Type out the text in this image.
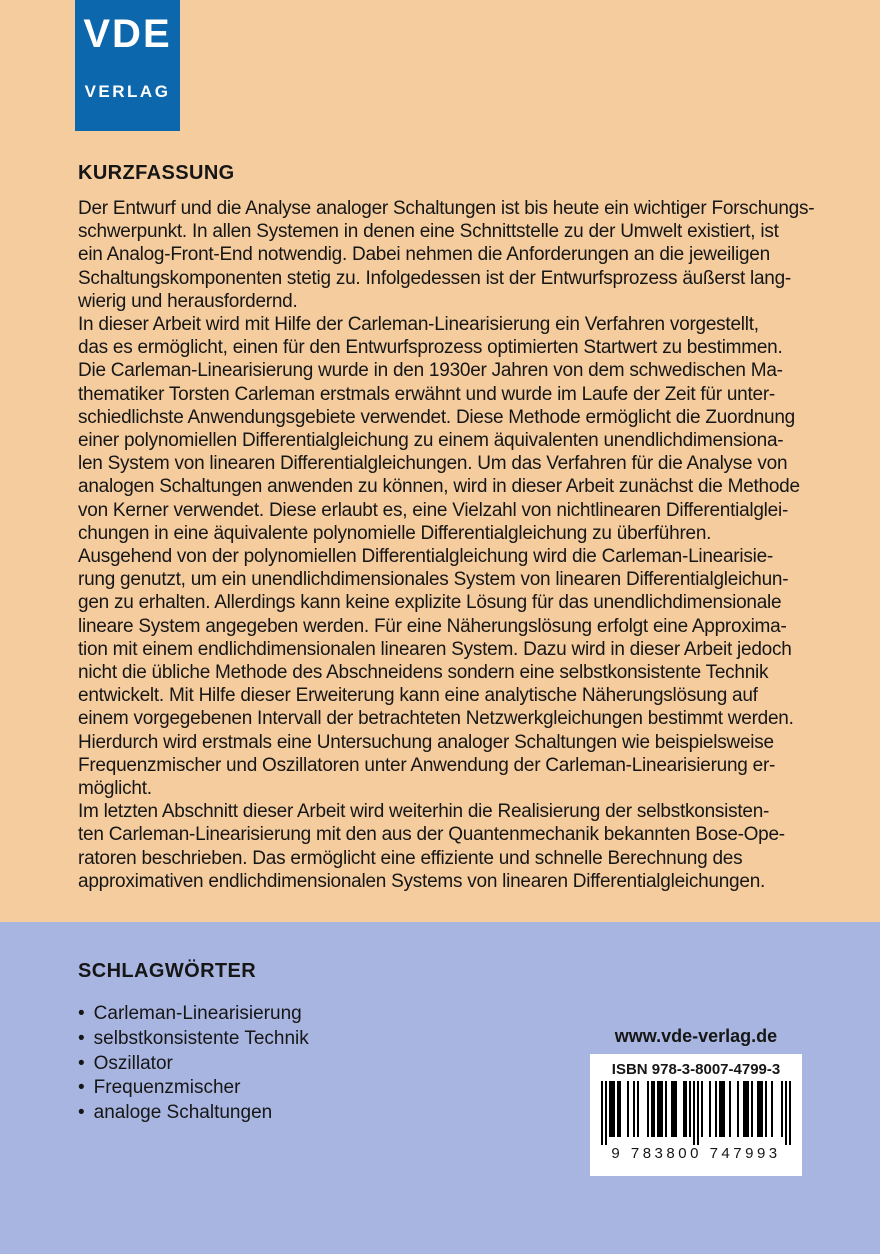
VDE
VERLAG
KURZFASSUNG
Der Entwurf und die Analyse analoger Schaltungen ist bis heute ein wichtiger Forschungs-
schwerpunkt. In allen Systemen in denen eine Schnittstelle zu der Umwelt existiert, ist
ein Analog-Front-End notwendig. Dabei nehmen die Anforderungen an die jeweiligen
Schaltungskomponenten stetig zu. Infolgedessen ist der Entwurfsprozess äußerst lang-
wierig und herausfordernd.
In dieser Arbeit wird mit Hilfe der Carleman-Linearisierung ein Verfahren vorgestellt,
das es ermöglicht, einen für den Entwurfsprozess optimierten Startwert zu bestimmen.
Die Carleman-Linearisierung wurde in den 1930er Jahren von dem schwedischen Ma-
thematiker Torsten Carleman erstmals erwähnt und wurde im Laufe der Zeit für unter-
schiedlichste Anwendungsgebiete verwendet. Diese Methode ermöglicht die Zuordnung
einer polynomiellen Differentialgleichung zu einem äquivalenten unendlichdimensiona-
len System von linearen Differentialgleichungen. Um das Verfahren für die Analyse von
analogen Schaltungen anwenden zu können, wird in dieser Arbeit zunächst die Methode
von Kerner verwendet. Diese erlaubt es, eine Vielzahl von nichtlinearen Differentialglei-
chungen in eine äquivalente polynomielle Differentialgleichung zu überführen.
Ausgehend von der polynomiellen Differentialgleichung wird die Carleman-Linearisie-
rung genutzt, um ein unendlichdimensionales System von linearen Differentialgleichun-
gen zu erhalten. Allerdings kann keine explizite Lösung für das unendlichdimensionale
lineare System angegeben werden. Für eine Näherungslösung erfolgt eine Approxima-
tion mit einem endlichdimensionalen linearen System. Dazu wird in dieser Arbeit jedoch
nicht die übliche Methode des Abschneidens sondern eine selbstkonsistente Technik
entwickelt. Mit Hilfe dieser Erweiterung kann eine analytische Näherungslösung auf
einem vorgegebenen Intervall der betrachteten Netzwerkgleichungen bestimmt werden.
Hierdurch wird erstmals eine Untersuchung analoger Schaltungen wie beispielsweise
Frequenzmischer und Oszillatoren unter Anwendung der Carleman-Linearisierung er-
möglicht.
Im letzten Abschnitt dieser Arbeit wird weiterhin die Realisierung der selbstkonsisten-
ten Carleman-Linearisierung mit den aus der Quantenmechanik bekannten Bose-Ope-
ratoren beschrieben. Das ermöglicht eine effiziente und schnelle Berechnung des
approximativen endlichdimensionalen Systems von linearen Differentialgleichungen.
SCHLAGWÖRTER
• Carleman-Linearisierung
• selbstkonsistente Technik
• Oszillator
• Frequenzmischer
• analoge Schaltungen
www.vde-verlag.de
ISBN 978-3-8007-4799-3
9 783800 747993
